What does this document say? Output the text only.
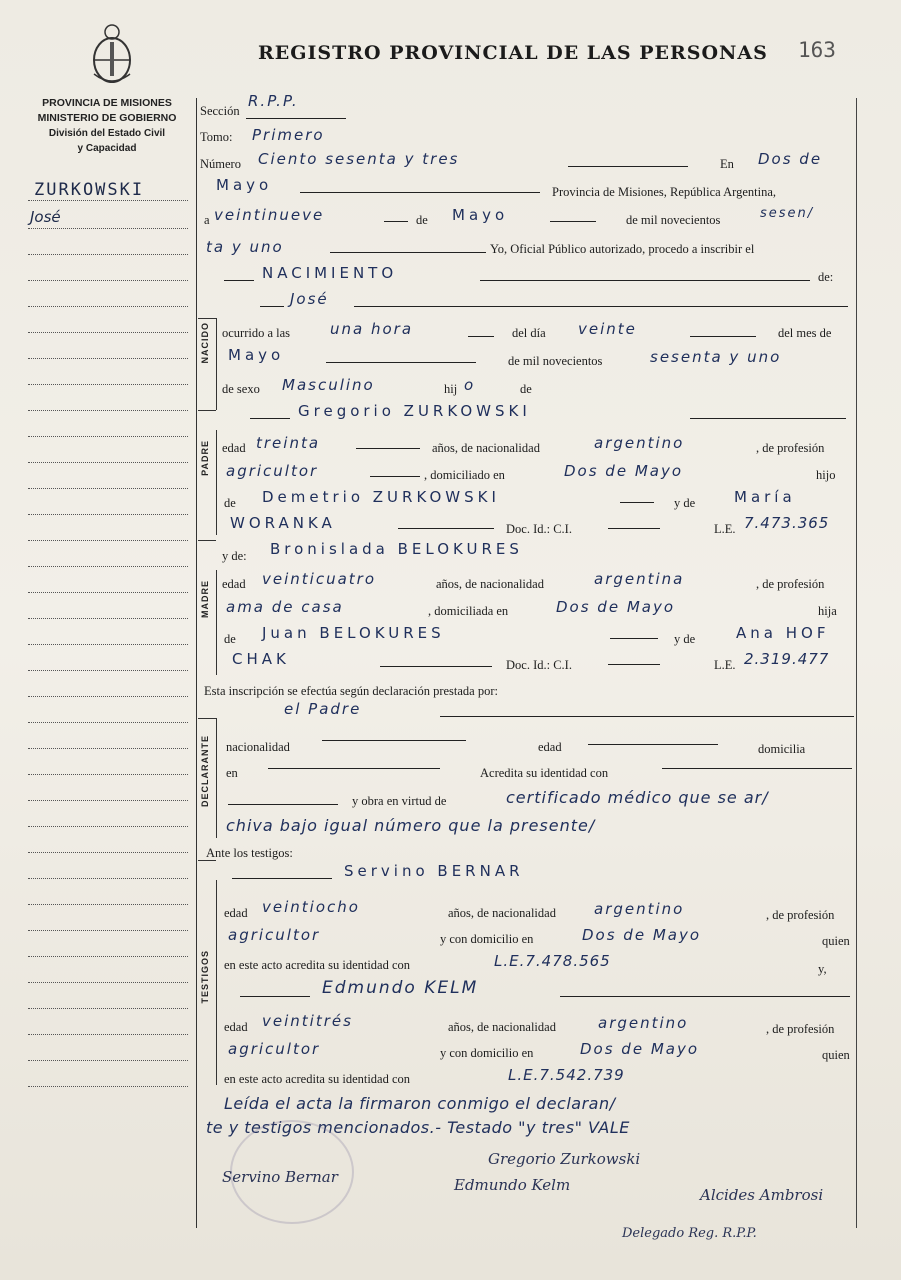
REGISTRO PROVINCIAL DE LAS PERSONAS 163
PROVINCIA DE MISIONES
MINISTERIO DE GOBIERNO
División del Estado Civil
y Capacidad
ZURKOWSKI
José
NACIDO
PADRE
MADRE
DECLARANTE
TESTIGOS
Sección
R.P.P.
Tomo: Primero
Número Ciento sesenta y tres	En Dos de
Mayo	Provincia de Misiones, República Argentina,
a veintinueve	de Mayo	de mil novecientos	sesen/
ta y uno	Yo, Oficial Público autorizado, procedo a inscribir el
NACIMIENTO	de:
José
ocurrido a las	una hora	del día veinte	del mes de
Mayo	de mil novecientos	sesenta y uno
de sexo Masculino	hij o	de
Gregorio ZURKOWSKI
edad treinta	años, de nacionalidad	argentino	, de profesión
agricultor	, domiciliado en	Dos de Mayo	hijo
de Demetrio ZURKOWSKI	y de	María
WORANKA	Doc. Id.: C.I.	L.E. 7.473.365
y de: Bronislada BELOKURES
edad veinticuatro	años, de nacionalidad	argentina	, de profesión
ama de casa	, domiciliada en	Dos de Mayo	hija
de Juan BELOKURES	y de	Ana HOF
CHAK	Doc. Id.: C.I.	L.E. 2.319.477
Esta inscripción se efectúa según declaración prestada por:
el Padre
nacionalidad	edad	domicilia
en	Acredita su identidad con
y obra en virtud de	certificado médico que se ar/
chiva bajo igual número que la presente/
Ante los testigos:
Servino BERNAR
edad veintiocho	años, de nacionalidad	argentino	, de profesión
agricultor	y con domicilio en	Dos de Mayo	quien
en este acto acredita su identidad con	L.E.7.478.565	y,
Edmundo KELM
edad veintitrés	años, de nacionalidad	argentino	, de profesión
agricultor	y con domicilio en	Dos de Mayo	quien
en este acto acredita su identidad con	L.E.7.542.739
Leída el acta la firmaron conmigo el declaran/
te y testigos mencionados.- Testado "y tres" VALE
Gregorio Zurkowski
Servino Bernar	Edmundo Kelm
Alcides Ambrosi
Delegado Reg. R.P.P.
